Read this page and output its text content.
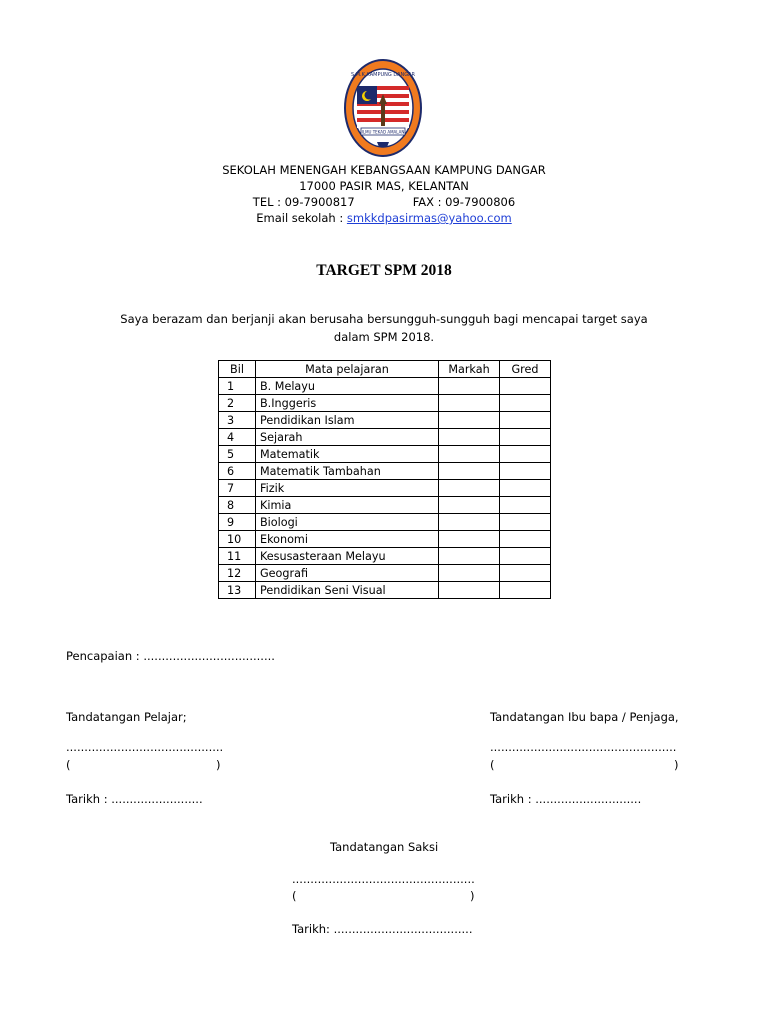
ILMU TEKAD AMALAN
S.M.K KAMPUNG DANGAR
SEKOLAH MENENGAH KEBANGSAAN KAMPUNG DANGAR
17000 PASIR MAS, KELANTAN
TEL : 09-7900817	FAX : 09-7900806
Email sekolah : smkkdpasirmas@yahoo.com
TARGET SPM 2018
Saya berazam dan berjanji akan berusaha bersungguh-sungguh bagi mencapai target saya dalam SPM 2018.
Bil	Mata pelajaran	Markah	Gred
1	B. Melayu		
2	B.Inggeris		
3	Pendidikan Islam		
4	Sejarah		
5	Matematik		
6	Matematik Tambahan		
7	Fizik		
8	Kimia		
9	Biologi		
10	Ekonomi		
11	Kesusasteraan Melayu		
12	Geografi		
13	Pendidikan Seni Visual		
Pencapaian : ....................................
Tandatangan Pelajar;
...........................................
(	)
Tarikh : .........................
Tandatangan Ibu bapa / Penjaga,
...................................................
(	)
Tarikh : .............................
Tandatangan Saksi
..................................................
(	)
Tarikh: ......................................
